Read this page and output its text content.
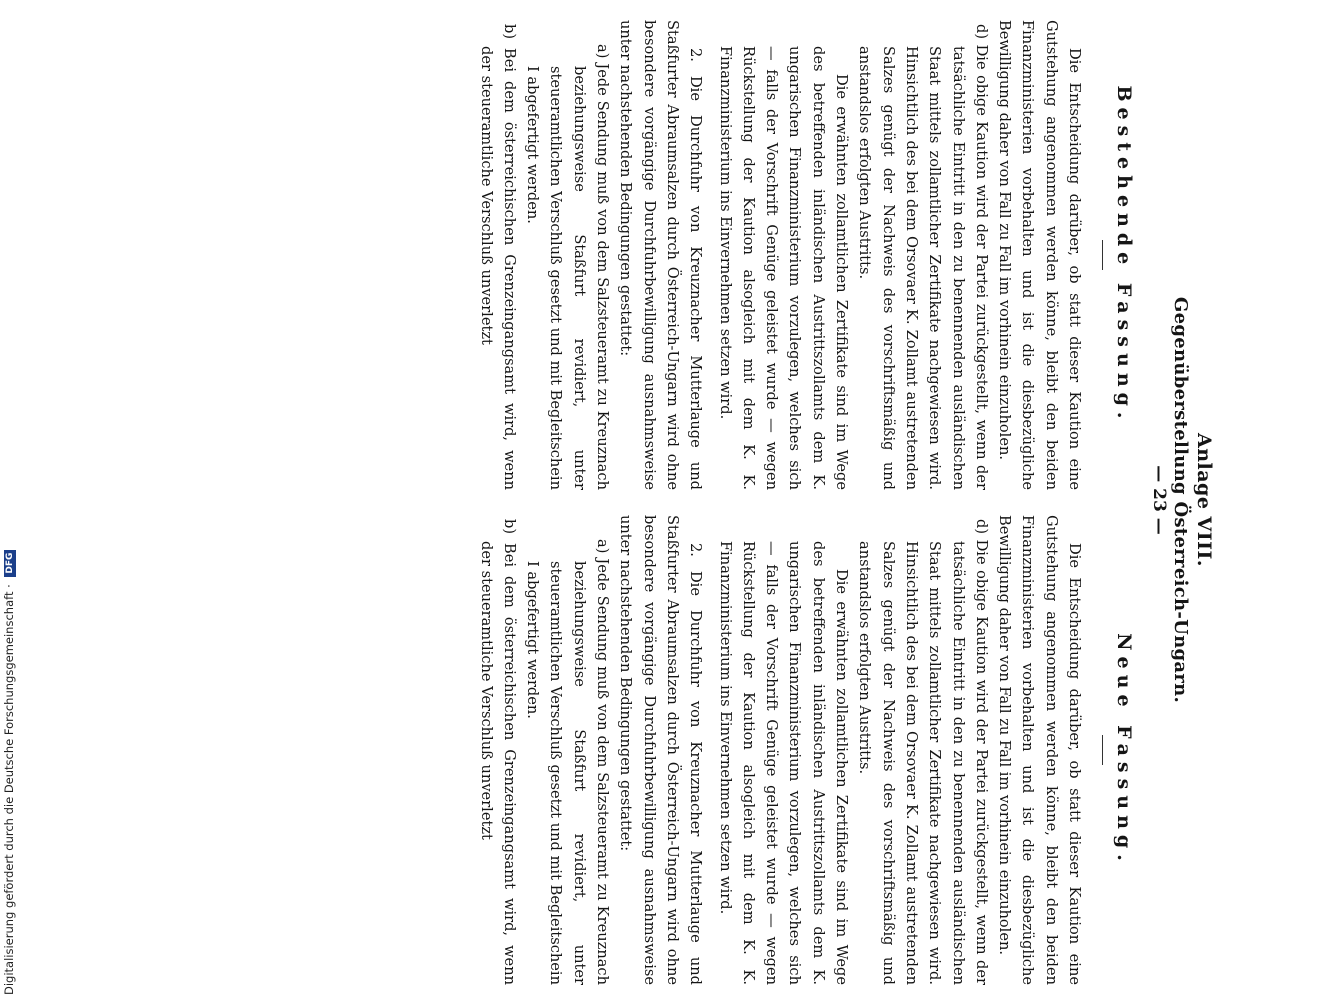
Anlage VIII.
Gegenüberstellung Österreich-Ungarn.
— 23 —
Bestehende Fassung.

Die Entscheidung darüber, ob statt dieser Kaution eine Gutstehung angenommen werden könne, bleibt den beiden Finanzministerien vorbehalten und ist die diesbezügliche Bewilligung daher von Fall zu Fall im vorhinein einzuholen.

d) Die obige Kaution wird der Partei zurückgestellt, wenn der tatsächliche Eintritt in den zu benennenden ausländischen Staat mittels zollamtlicher Zertifikate nachgewiesen wird. Hinsichtlich des bei dem Orsovaer K. Zollamt austretenden Salzes genügt der Nachweis des vorschriftsmäßig und anstandslos erfolgten Austritts.

Die erwähnten zollamtlichen Zertifikate sind im Wege des betreffenden inländischen Austrittszollamts dem K. ungarischen Finanzministerium vorzulegen, welches sich — falls der Vorschrift Genüge geleistet wurde — wegen Rückstellung der Kaution alsogleich mit dem K. K. Finanzministerium ins Einvernehmen setzen wird.

2. Die Durchfuhr von Kreuznacher Mutterlauge und Staßfurter Abraumsalzen durch Österreich-Ungarn wird ohne besondere vorgängige Durchfuhrbewilligung ausnahmsweise unter nachstehenden Bedingungen gestattet:

a) Jede Sendung muß von dem Salzsteueramt zu Kreuznach beziehungsweise Staßfurt revidiert, unter steueramtlichen Verschluß gesetzt und mit Begleitschein I abgefertigt werden.

b) Bei dem österreichischen Grenzeingangsamt wird, wenn der steueramtliche Verschluß unverletzt

Neue Fassung.

Die Entscheidung darüber, ob statt dieser Kaution eine Gutstehung angenommen werden könne, bleibt den beiden Finanzministerien vorbehalten und ist die diesbezügliche Bewilligung daher von Fall zu Fall im vorhinein einzuholen.

d) Die obige Kaution wird der Partei zurückgestellt, wenn der tatsächliche Eintritt in den zu benennenden ausländischen Staat mittels zollamtlicher Zertifikate nachgewiesen wird. Hinsichtlich des bei dem Orsovaer K. Zollamt austretenden Salzes genügt der Nachweis des vorschriftsmäßig und anstandslos erfolgten Austritts.

Die erwähnten zollamtlichen Zertifikate sind im Wege des betreffenden inländischen Austrittszollamts dem K. ungarischen Finanzministerium vorzulegen, welches sich — falls der Vorschrift Genüge geleistet wurde — wegen Rückstellung der Kaution alsogleich mit dem K. K. Finanzministerium ins Einvernehmen setzen wird.

2. Die Durchfuhr von Kreuznacher Mutterlauge und Staßfurter Abraumsalzen durch Österreich-Ungarn wird ohne besondere vorgängige Durchfuhrbewilligung ausnahmsweise unter nachstehenden Bedingungen gestattet:

a) Jede Sendung muß von dem Salzsteueramt zu Kreuznach beziehungsweise Staßfurt revidiert, unter steueramtlichen Verschluß gesetzt und mit Begleitschein I abgefertigt werden.

b) Bei dem österreichischen Grenzeingangsamt wird, wenn der steueramtliche Verschluß unverletzt

Digitalisierung gefördert durch die Deutsche Forschungsgemeinschaft · DFG
